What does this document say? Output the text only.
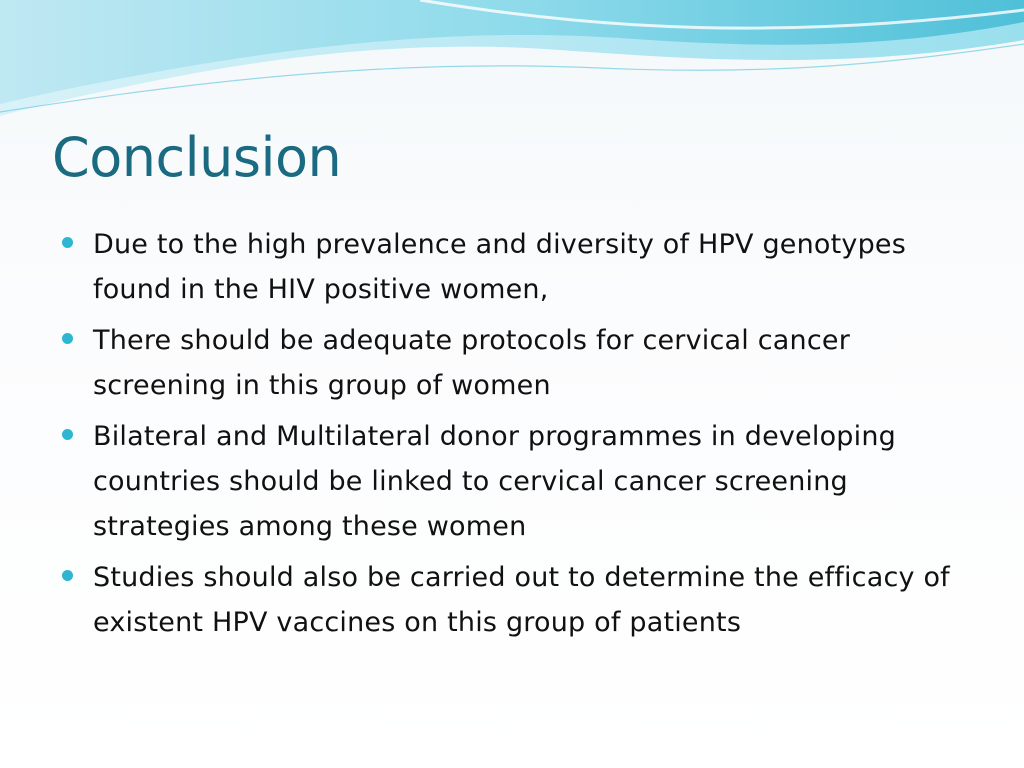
Conclusion
Due to the high prevalence and diversity of HPV genotypes found in the HIV positive women,
There should be adequate protocols for cervical cancer screening in this group of women
Bilateral and Multilateral donor programmes in developing countries should be linked to cervical cancer screening strategies among these women
Studies should also be carried out to determine the efficacy of existent HPV vaccines on this group of patients
